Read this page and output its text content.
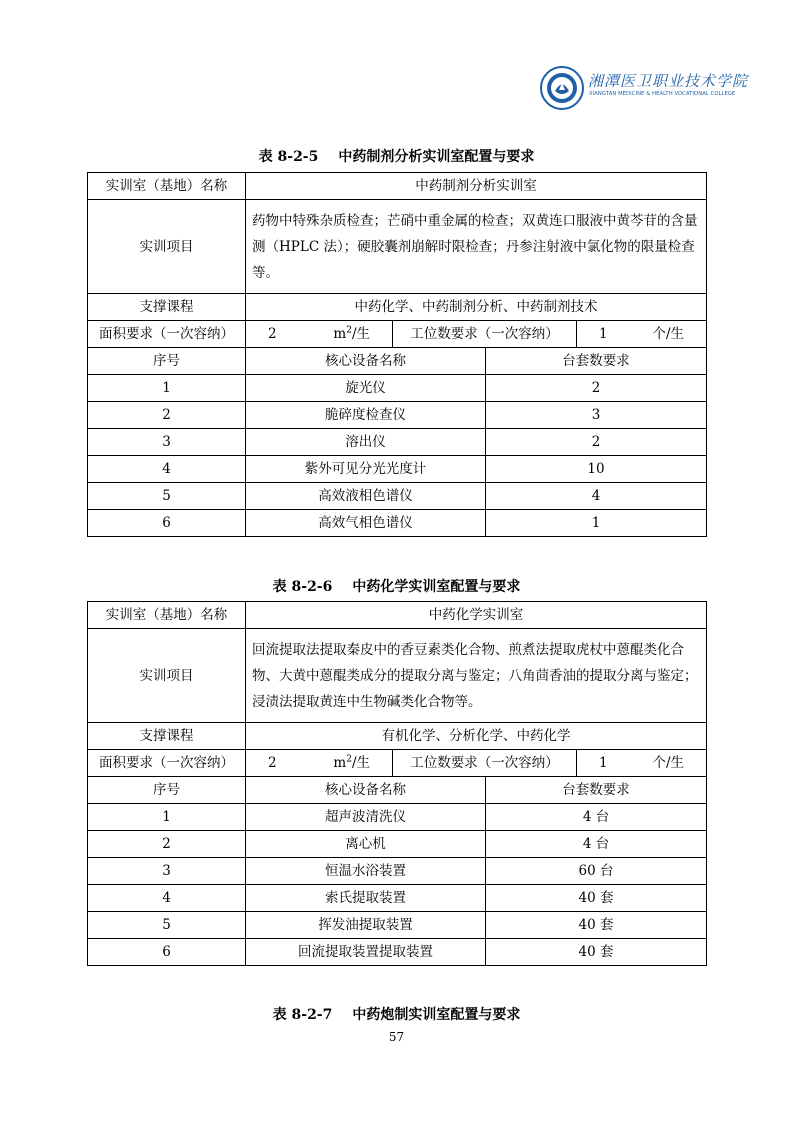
湘潭医卫职业技术学院
XIANGTAN MEDICINE & HEALTH VOCATIONAL COLLEGE
表 8-2-5 中药制剂分析实训室配置与要求
实训室（基地）名称	中药制剂分析实训室			
实训项目	药物中特殊杂质检查；芒硝中重金属的检查；双黄连口服液中黄芩苷的含量测（HPLC 法）；硬胶囊剂崩解时限检查；丹参注射液中氯化物的限量检查等。			
支撑课程	中药化学、中药制剂分析、中药制剂技术			
面积要求（一次容纳）	2 $m^2/$生	工位数要求（一次容纳）		1 个/生

序号	核心设备名称		台套数要求	
1	旋光仪		2	
2	脆碎度检查仪		3	
3	溶出仪		2	
4	紫外可见分光光度计		10	
5	高效液相色谱仪		4	
6	高效气相色谱仪		1	
表 8-2-6 中药化学实训室配置与要求
实训室（基地）名称	中药化学实训室			
实训项目	回流提取法提取秦皮中的香豆素类化合物、煎煮法提取虎杖中蒽醌类化合物、大黄中蒽醌类成分的提取分离与鉴定；八角茴香油的提取分离与鉴定；浸渍法提取黄连中生物碱类化合物等。			
支撑课程	有机化学、分析化学、中药化学			
面积要求（一次容纳）	2 $m^2/$生	工位数要求（一次容纳）		1 个/生

序号	核心设备名称		台套数要求	
1	超声波清洗仪		4 台	
2	离心机		4 台	
3	恒温水浴装置		60 台	
4	索氏提取装置		40 套	
5	挥发油提取装置		40 套	
6	回流提取装置提取装置		40 套	
表 8-2-7 中药炮制实训室配置与要求
57
